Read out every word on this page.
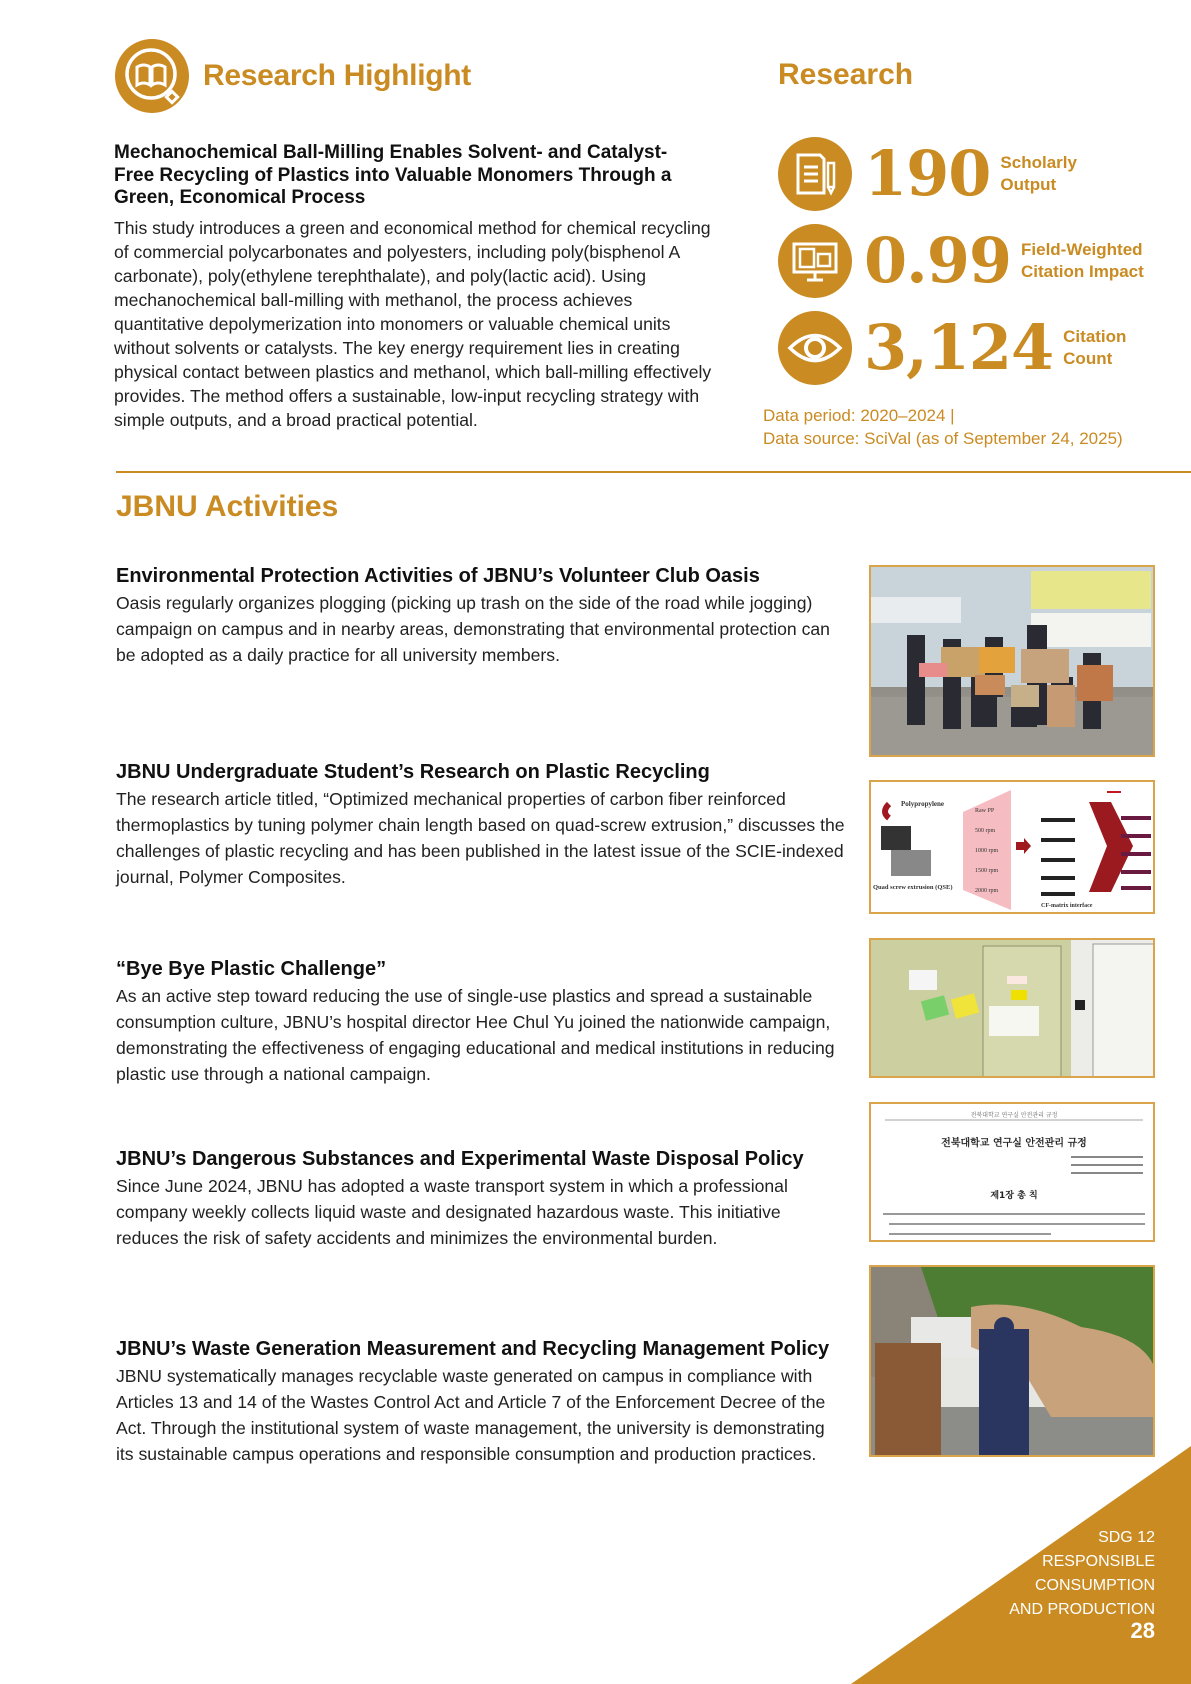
Research Highlight
Mechanochemical Ball-Milling Enables Solvent- and Catalyst-Free Recycling of Plastics into Valuable Monomers Through a Green, Economical Process
This study introduces a green and economical method for chemical recycling of commercial polycarbonates and polyesters, including poly(bisphenol A carbonate), poly(ethylene terephthalate), and poly(lactic acid). Using mechanochemical ball-milling with methanol, the process achieves quantitative depolymerization into monomers or valuable chemical units without solvents or catalysts. The key energy requirement lies in creating physical contact between plastics and methanol, which ball-milling effectively provides. The method offers a sustainable, low-input recycling strategy with simple outputs, and a broad practical potential.
Research
190 Scholarly
Output
0.99 Field-Weighted
Citation Impact
3,124 Citation
Count
Data period: 2020–2024 |
Data source: SciVal (as of September 24, 2025)
JBNU Activities
Environmental Protection Activities of JBNU’s Volunteer Club Oasis

Oasis regularly organizes plogging (picking up trash on the side of the road while jogging) campaign on campus and in nearby areas, demonstrating that environmental protection can be adopted as a daily practice for all university members.

JBNU Undergraduate Student’s Research on Plastic Recycling

The research article titled, “Optimized mechanical properties of carbon fiber reinforced thermoplastics by tuning polymer chain length based on quad-screw extrusion,” discusses the challenges of plastic recycling and has been published in the latest issue of the SCIE-indexed journal, Polymer Composites.

“Bye Bye Plastic Challenge”

As an active step toward reducing the use of single-use plastics and spread a sustainable consumption culture, JBNU’s hospital director Hee Chul Yu joined the nationwide campaign, demonstrating the effectiveness of engaging educational and medical institutions in reducing plastic use through a national campaign.

JBNU’s Dangerous Substances and Experimental Waste Disposal Policy

Since June 2024, JBNU has adopted a waste transport system in which a professional company weekly collects liquid waste and designated hazardous waste. This initiative reduces the risk of safety accidents and minimizes the environmental burden.

JBNU’s Waste Generation Measurement and Recycling Management Policy

JBNU systematically manages recyclable waste generated on campus in compliance with Articles 13 and 14 of the Wastes Control Act and Article 7 of the Enforcement Decree of the Act. Through the institutional system of waste management, the university is demonstrating its sustainable campus operations and responsible consumption and production practices.

Polypropylene
Quad screw extrusion (QSE)
Raw PP
500 rpm
1000 rpm
1500 rpm
2000 rpm
CF-matrix interface
전북대학교 연구실 안전관리 규정
전북대학교 연구실 안전관리 규정
제1장 총 칙
SDG 12
RESPONSIBLE
CONSUMPTION
AND PRODUCTION
28
